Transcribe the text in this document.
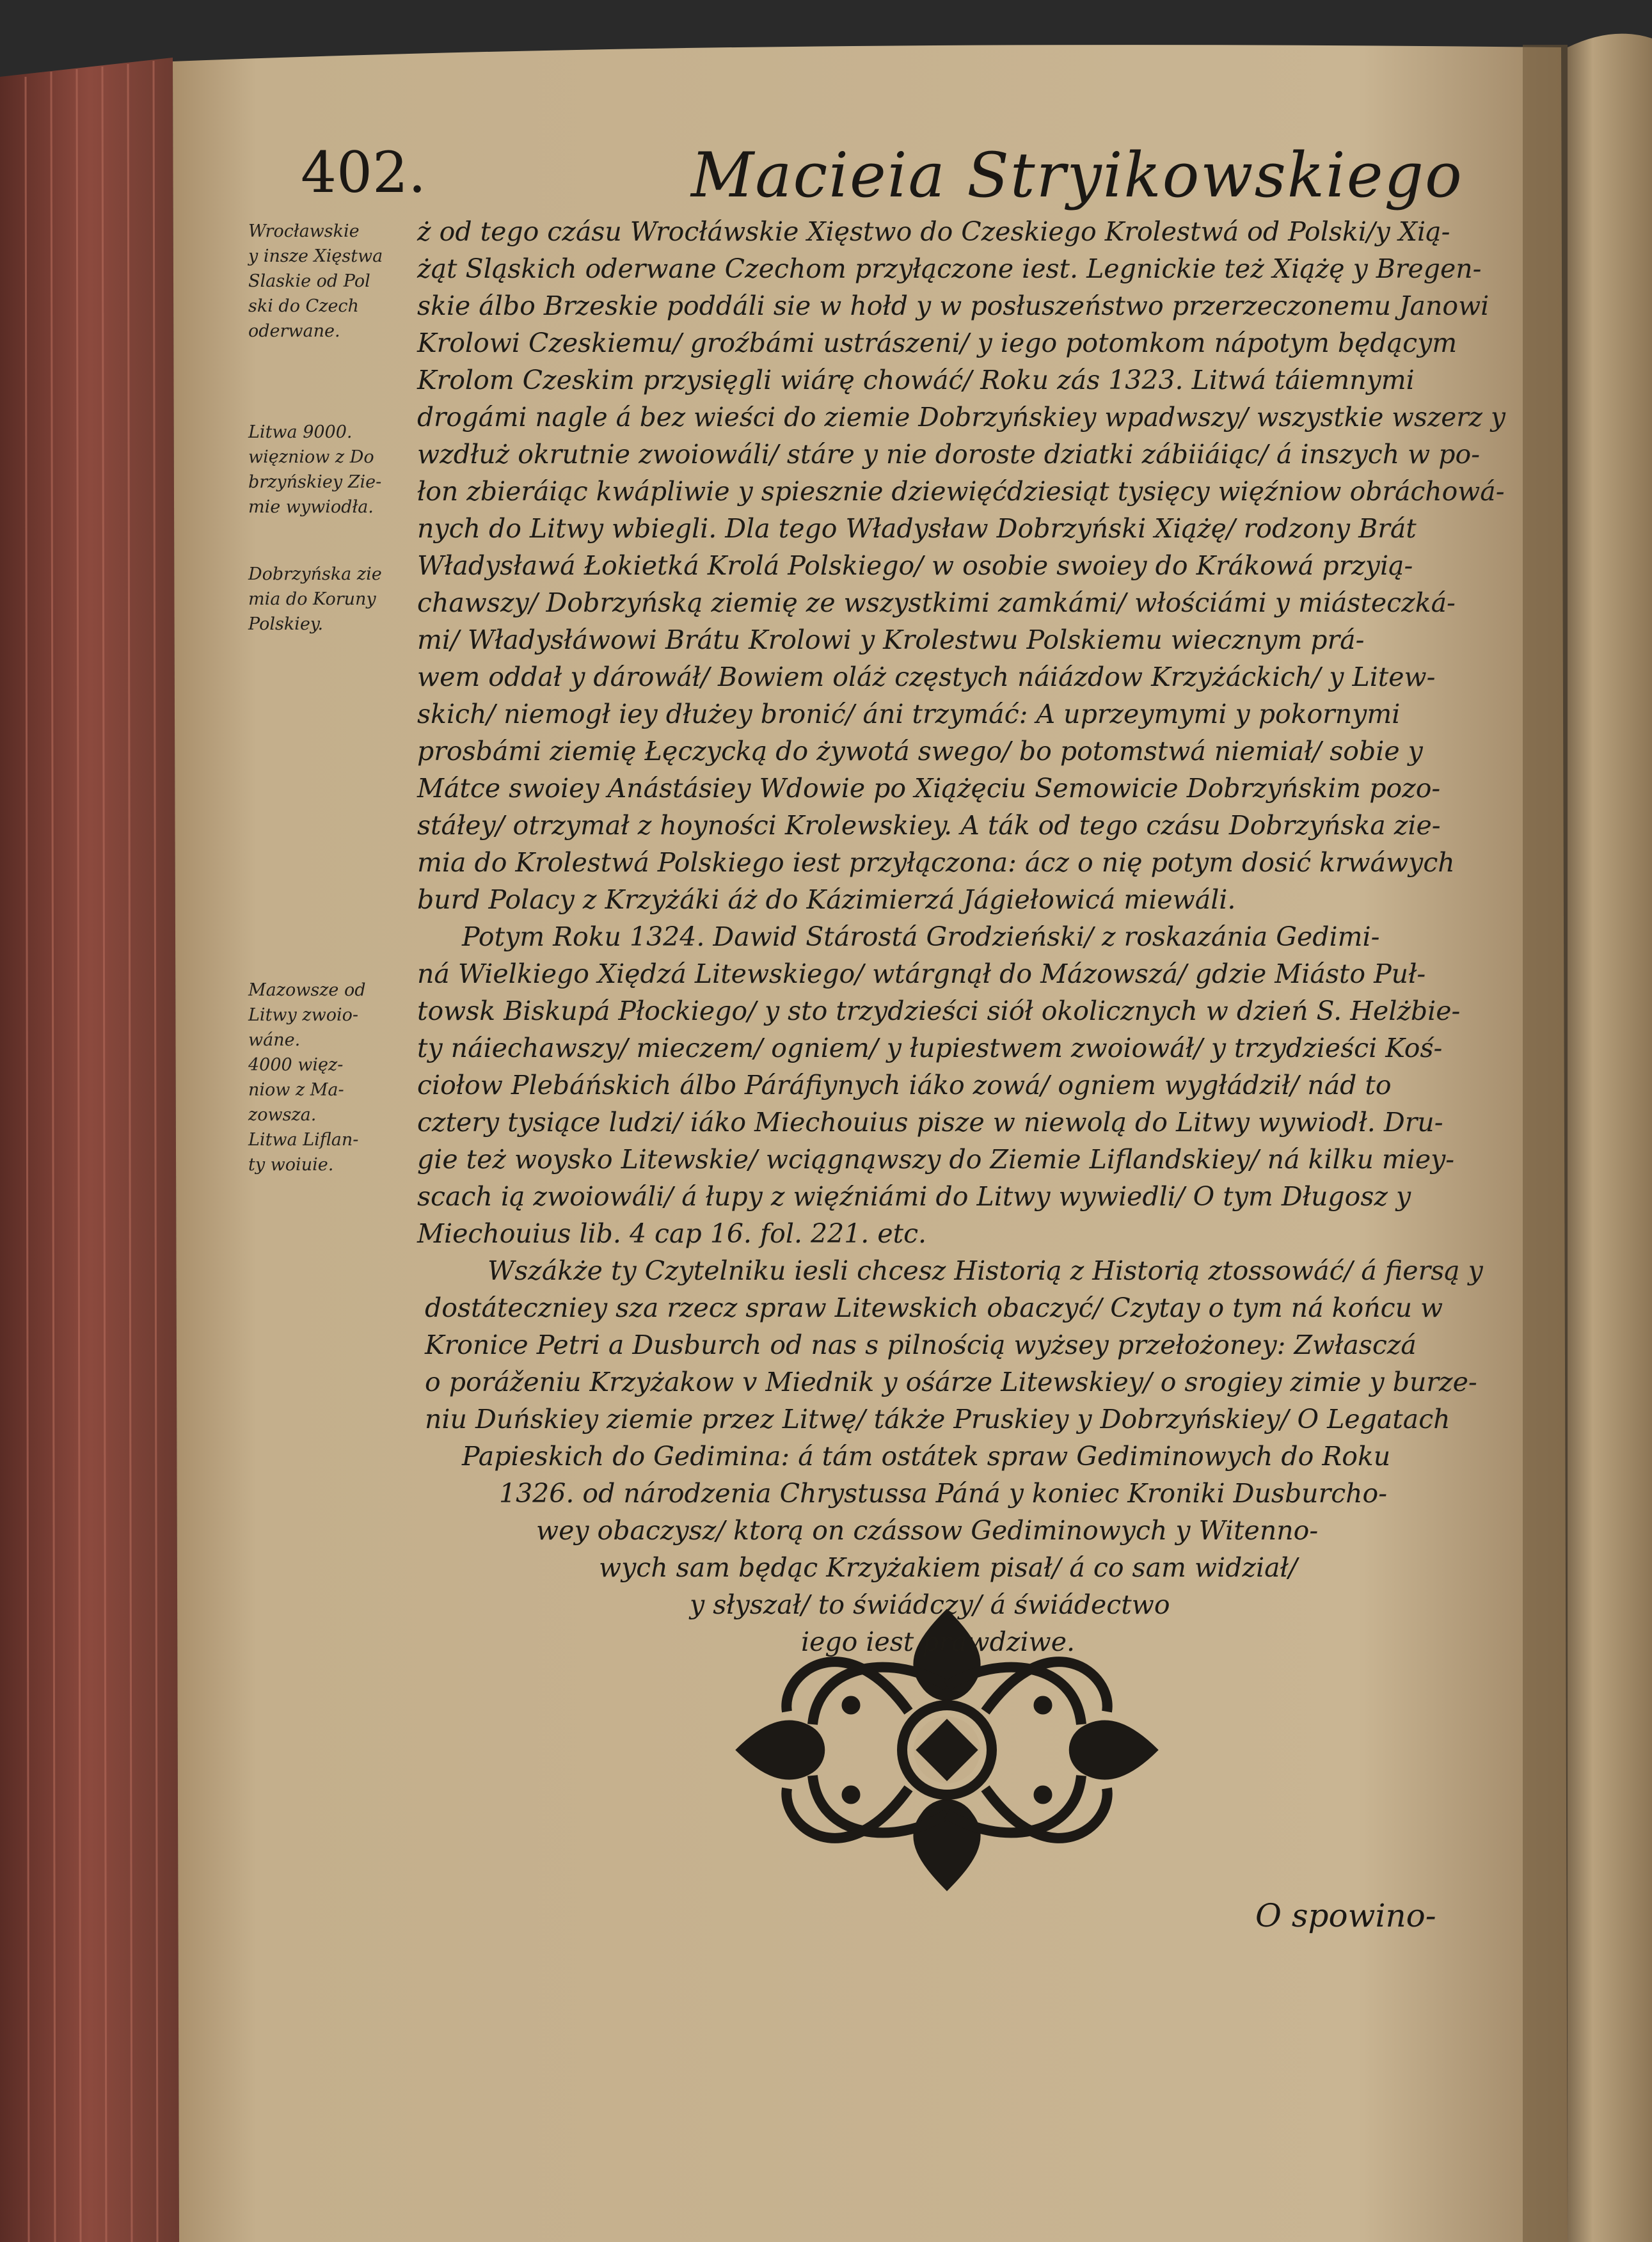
402.	Macieia Stryikowskiego
Wrocławskie
y insze Xięstwa
Slaskie od Pol
ski do Czech
oderwane.
Litwa 9000.
więzniow z Do
brzyńskiey Zie-
mie wywiodła.
Dobrzyńska zie
mia do Koruny
Polskiey.
Mazowsze od
Litwy zwoio-
wáne.
4000 więz-
niow z Ma-
zowsza.
Litwa Liflan-
ty woiuie.
ż od tego czásu Wrocłáwskie Xięstwo do Czeskiego Krolestwá od Polski/y Xią-
żąt Sląskich oderwane Czechom przyłączone iest. Legnickie też Xiążę y Bregen-
skie álbo Brzeskie poddáli sie w hołd y w posłuszeństwo przerzeczonemu Janowi
Krolowi Czeskiemu/ groźbámi ustrászeni/ y iego potomkom nápotym będącym
Krolom Czeskim przysięgli wiárę chowáć/ Roku zás 1323. Litwá táiemnymi
drogámi nagle á bez wieści do ziemie Dobrzyńskiey wpadwszy/ wszystkie wszerz y
wzdłuż okrutnie zwoiowáli/ stáre y nie doroste dziatki zábiiáiąc/ á inszych w po-
łon zbieráiąc kwápliwie y spiesznie dziewięćdziesiąt tysięcy więźniow obráchowá-
nych do Litwy wbiegli. Dla tego Władysław Dobrzyński Xiążę/ rodzony Brát
Władysławá Łokietká Krolá Polskiego/ w osobie swoiey do Krákowá przyią-
chawszy/ Dobrzyńską ziemię ze wszystkimi zamkámi/ włościámi y miásteczká-
mi/ Władysłáwowi Brátu Krolowi y Krolestwu Polskiemu wiecznym prá-
wem oddał y dárowáł/ Bowiem oláż częstych náiázdow Krzyżáckich/ y Litew-
skich/ niemogł iey dłużey bronić/ áni trzymáć: A uprzeymymi y pokornymi
prosbámi ziemię Łęczycką do żywotá swego/ bo potomstwá niemiał/ sobie y
Mátce swoiey Anástásiey Wdowie po Xiążęciu Semowicie Dobrzyńskim pozo-
stáłey/ otrzymał z hoyności Krolewskiey. A ták od tego czásu Dobrzyńska zie-
mia do Krolestwá Polskiego iest przyłączona: ácz o nię potym dosić krwáwych
burd Polacy z Krzyżáki áż do Kázimierzá Jágiełowicá miewáli.
Potym Roku 1324. Dawid Stárostá Grodzieński/ z roskazánia Gedimi-
ná Wielkiego Xiędzá Litewskiego/ wtárgnął do Mázowszá/ gdzie Miásto Puł-
towsk Biskupá Płockiego/ y sto trzydzieści siół okolicznych w dzień S. Helżbie-
ty náiechawszy/ mieczem/ ogniem/ y łupiestwem zwoiowáł/ y trzydzieści Koś-
ciołow Plebáńskich álbo Páráfiynych iáko zowá/ ogniem wygłádził/ nád to
cztery tysiące ludzi/ iáko Miechouius pisze w niewolą do Litwy wywiodł. Dru-
gie też woysko Litewskie/ wciągnąwszy do Ziemie Liflandskiey/ ná kilku miey-
scach ią zwoiowáli/ á łupy z więźniámi do Litwy wywiedli/ O tym Długosz y
Miechouius lib. 4 cap 16. fol. 221. etc.
Wszákże ty Czytelniku iesli chcesz Historią z Historią ztossowáć/ á fiersą y
dostáteczniey sza rzecz spraw Litewskich obaczyć/ Czytay o tym ná końcu w
Kronice Petri a Dusburch od nas s pilnością wyżsey przełożoney: Zwłasczá
o poráženiu Krzyżakow v Miednik y ośárze Litewskiey/ o srogiey zimie y burze-
niu Duńskiey ziemie przez Litwę/ tákże Pruskiey y Dobrzyńskiey/ O Legatach
Papieskich do Gedimina: á tám ostátek spraw Gediminowych do Roku
1326. od národzenia Chrystussa Páná y koniec Kroniki Dusburcho-
wey obaczysz/ ktorą on czássow Gediminowych y Witenno-
wych sam będąc Krzyżakiem pisał/ á co sam widział/
y słyszał/ to świádczy/ á świádectwo
iego iest prawdziwe.
O spowino-
